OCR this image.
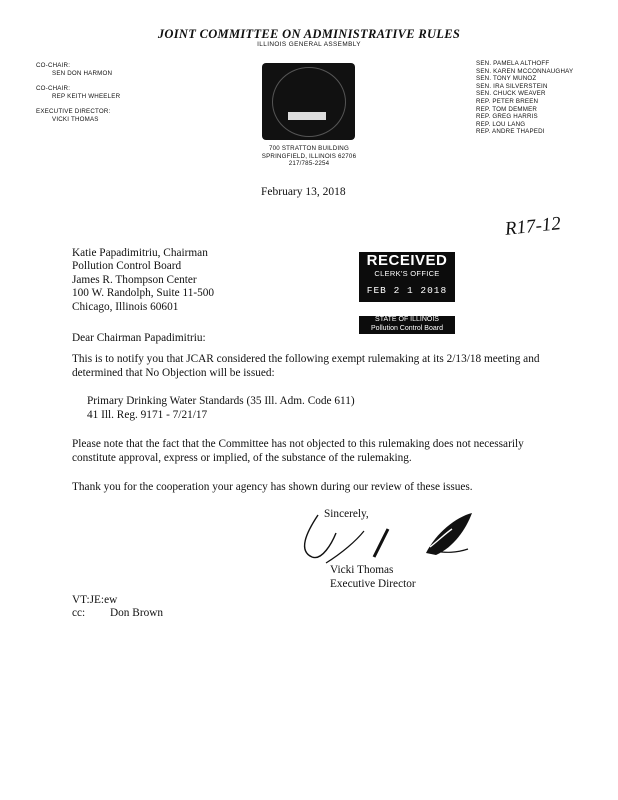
JOINT COMMITTEE ON ADMINISTRATIVE RULES
ILLINOIS GENERAL ASSEMBLY
CO-CHAIR:
SEN DON HARMON
CO-CHAIR:
REP KEITH WHEELER
EXECUTIVE DIRECTOR:
VICKI THOMAS
SEN. PAMELA ALTHOFF
SEN. KAREN MCCONNAUGHAY
SEN. TONY MUNOZ
SEN. IRA SILVERSTEIN
SEN. CHUCK WEAVER
REP. PETER BREEN
REP. TOM DEMMER
REP. GREG HARRIS
REP. LOU LANG
REP. ANDRE THAPEDI
700 STRATTON BUILDING
SPRINGFIELD, ILLINOIS 62706
217/785-2254
February 13, 2018
R17-12
Katie Papadimitriu, Chairman
Pollution Control Board
James R. Thompson Center
100 W. Randolph, Suite 11-500
Chicago, Illinois 60601
RECEIVED
CLERK'S OFFICE
FEB 2 1 2018
STATE OF ILLINOIS
Pollution Control Board
Dear Chairman Papadimitriu:
This is to notify you that JCAR considered the following exempt rulemaking at its 2/13/18 meeting and determined that No Objection will be issued:
Primary Drinking Water Standards (35 Ill. Adm. Code 611)
41 Ill. Reg. 9171 - 7/21/17
Please note that the fact that the Committee has not objected to this rulemaking does not necessarily constitute approval, express or implied, of the substance of the rulemaking.
Thank you for the cooperation your agency has shown during our review of these issues.
Sincerely,
Vicki Thomas
Executive Director
VT:JE:ew
cc: Don Brown
